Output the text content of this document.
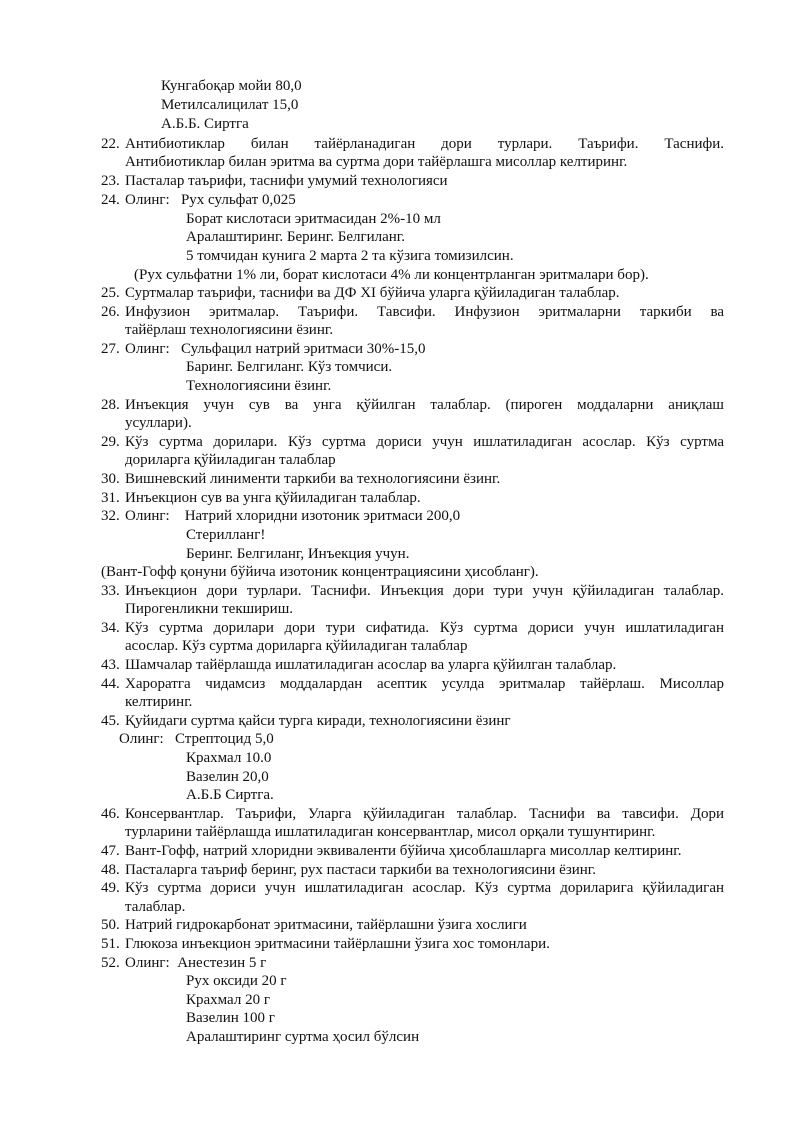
Кунгабоқар мойи 80,0
Метилсалицилат 15,0
А.Б.Б. Сиртга
22. Антибиотиклар билан тайёрланадиган дори турлари. Таърифи. Таснифи.
Антибиотиклар билан эритма ва суртма дори тайёрлашга мисоллар келтиринг.
23. Пасталар таърифи, таснифи умумий технологияси
24. Олинг:   Рух сульфат 0,025
Борат кислотаси эритмасидан 2%-10 мл
Аралаштиринг. Беринг. Белгиланг.
5 томчидан кунига 2 марта 2 та кўзига томизилсин.
(Рух сульфатни 1% ли, борат кислотаси 4% ли концентрланган эритмалари бор).
25. Суртмалар таърифи, таснифи ва ДФ XI бўйича уларга қўйиладиган талаблар.
26. Инфузион эритмалар. Таърифи. Тавсифи. Инфузион эритмаларни таркиби ва
тайёрлаш технологиясини ёзинг.
27. Олинг:   Сульфацил натрий эритмаси 30%-15,0
Баринг. Белгиланг. Кўз томчиси.
Технологиясини ёзинг.
28. Инъекция учун сув ва унга қўйилган талаблар. (пироген моддаларни аниқлаш
усуллари).
29. Кўз суртма дорилари. Кўз суртма дориси учун ишлатиладиган асослар. Кўз суртма
дориларга қўйиладиган талаблар
30. Вишневский линименти таркиби ва технологиясини ёзинг.
31. Инъекцион сув ва унга қўйиладиган талаблар.
32. Олинг:    Натрий хлоридни изотоник эритмаси 200,0
Стерилланг!
Беринг. Белгиланг, Инъекция учун.
(Вант-Гофф қонуни бўйича изотоник концентрациясини ҳисобланг).
33. Инъекцион дори турлари. Таснифи. Инъекция дори тури учун қўйиладиган талаблар.
Пирогенликни текшириш.
34. Кўз суртма дорилари дори тури сифатида. Кўз суртма дориси учун ишлатиладиган
асослар. Кўз суртма дориларга қўйиладиган талаблар
43. Шамчалар тайёрлашда ишлатиладиган асослар ва уларга қўйилган талаблар.
44. Хароратга чидамсиз моддалардан асептик усулда эритмалар тайёрлаш. Мисоллар
келтиринг.
45. Қуйидаги суртма қайси турга киради, технологиясини ёзинг
Олинг:   Стрептоцид 5,0
Крахмал 10.0
Вазелин 20,0
А.Б.Б Сиртга.
46. Консервантлар. Таърифи, Уларга қўйиладиган талаблар. Таснифи ва тавсифи. Дори
турларини тайёрлашда ишлатиладиган консервантлар, мисол орқали тушунтиринг.
47. Вант-Гофф, натрий хлоридни эквиваленти бўйича ҳисоблашларга мисоллар келтиринг.
48. Пасталарга таъриф беринг, рух пастаси таркиби ва технологиясини ёзинг.
49. Кўз суртма дориси учун ишлатиладиган асослар. Кўз суртма дориларига қўйиладиган
талаблар.
50. Натрий гидрокарбонат эритмасини, тайёрлашни ўзига хослиги
51. Глюкоза инъекцион эритмасини тайёрлашни ўзига хос томонлари.
52. Олинг:  Анестезин 5 г
Рух оксиди 20 г
Крахмал 20 г
Вазелин 100 г
Аралаштиринг суртма ҳосил бўлсин
